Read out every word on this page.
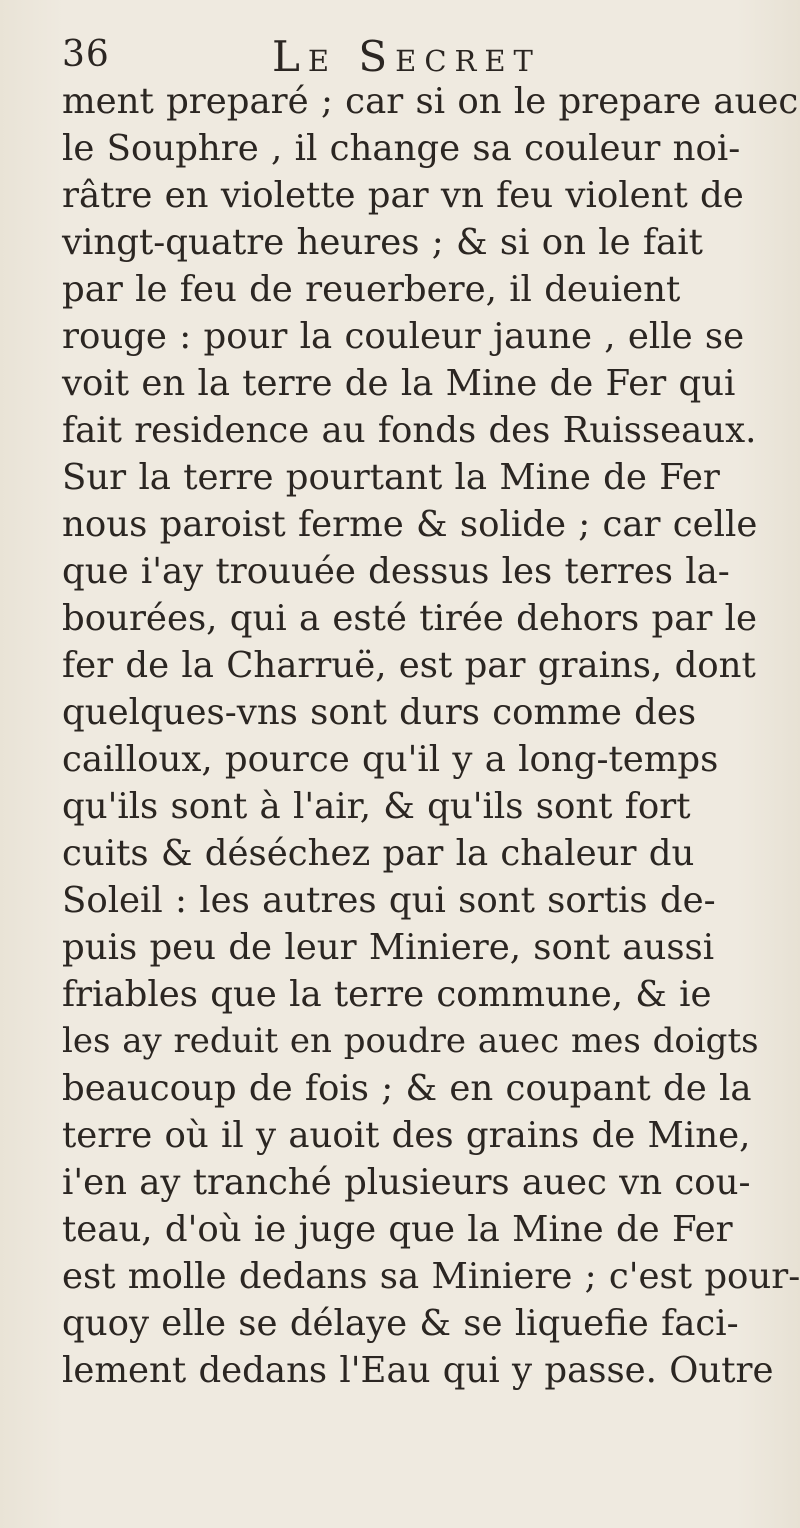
36	Le Secret
ment preparé ; car si on le prepare auec
le Souphre , il change sa couleur noi-
râtre en violette par vn feu violent de
vingt-quatre heures ; & si on le fait
par le feu de reuerbere, il deuient
rouge : pour la couleur jaune , elle se
voit en la terre de la Mine de Fer qui
fait residence au fonds des Ruisseaux.
Sur la terre pourtant la Mine de Fer
nous paroist ferme & solide ; car celle
que i'ay trouuée dessus les terres la-
bourées, qui a esté tirée dehors par le
fer de la Charruë, est par grains, dont
quelques-vns sont durs comme des
cailloux, pource qu'il y a long-temps
qu'ils sont à l'air, & qu'ils sont fort
cuits & déséchez par la chaleur du
Soleil : les autres qui sont sortis de-
puis peu de leur Miniere, sont aussi
friables que la terre commune, & ie
les ay reduit en poudre auec mes doigts
beaucoup de fois ; & en coupant de la
terre où il y auoit des grains de Mine,
i'en ay tranché plusieurs auec vn cou-
teau, d'où ie juge que la Mine de Fer
est molle dedans sa Miniere ; c'est pour-
quoy elle se délaye & se liquefie faci-
lement dedans l'Eau qui y passe. Outre
